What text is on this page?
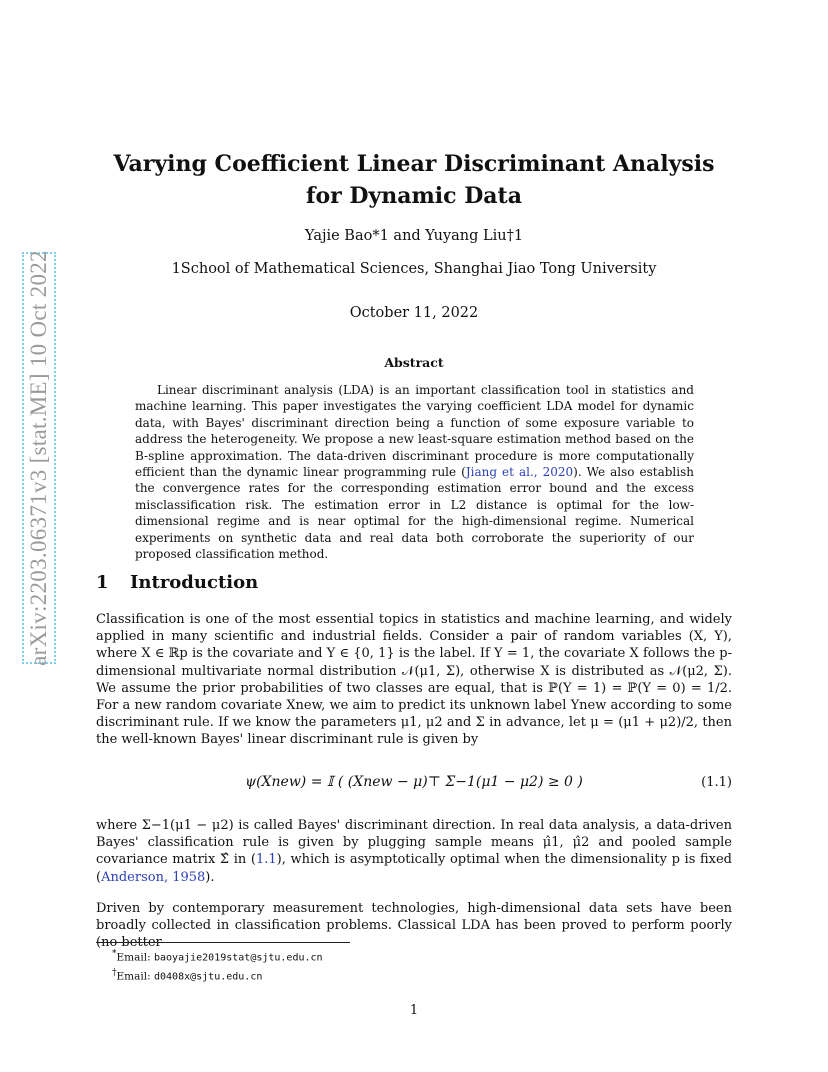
arXiv:2203.06371v3 [stat.ME] 10 Oct 2022
Varying Coefficient Linear Discriminant Analysis for Dynamic Data
Yajie Bao*1 and Yuyang Liu†1
1School of Mathematical Sciences, Shanghai Jiao Tong University
October 11, 2022
Abstract
Linear discriminant analysis (LDA) is an important classification tool in statistics and machine learning. This paper investigates the varying coefficient LDA model for dynamic data, with Bayes' discriminant direction being a function of some exposure variable to address the heterogeneity. We propose a new least-square estimation method based on the B-spline approximation. The data-driven discriminant procedure is more computationally efficient than the dynamic linear programming rule (Jiang et al., 2020). We also establish the convergence rates for the corresponding estimation error bound and the excess misclassification risk. The estimation error in L2 distance is optimal for the low-dimensional regime and is near optimal for the high-dimensional regime. Numerical experiments on synthetic data and real data both corroborate the superiority of our proposed classification method.
1 Introduction
Classification is one of the most essential topics in statistics and machine learning, and widely applied in many scientific and industrial fields. Consider a pair of random variables (X, Y), where X ∈ ℝp is the covariate and Y ∈ {0, 1} is the label. If Y = 1, the covariate X follows the p-dimensional multivariate normal distribution 𝒩(μ1, Σ), otherwise X is distributed as 𝒩(μ2, Σ). We assume the prior probabilities of two classes are equal, that is ℙ(Y = 1) = ℙ(Y = 0) = 1/2. For a new random covariate Xnew, we aim to predict its unknown label Ynew according to some discriminant rule. If we know the parameters μ1, μ2 and Σ in advance, let μ = (μ1 + μ2)/2, then the well-known Bayes' linear discriminant rule is given by
ψ(Xnew) = 𝕀 ( (Xnew − μ)⊤ Σ−1(μ1 − μ2) ≥ 0 )	(1.1)
where Σ−1(μ1 − μ2) is called Bayes' discriminant direction. In real data analysis, a data-driven Bayes' classification rule is given by plugging sample means μ̂1, μ̂2 and pooled sample covariance matrix Σ̂ in (1.1), which is asymptotically optimal when the dimensionality p is fixed (Anderson, 1958).
Driven by contemporary measurement technologies, high-dimensional data sets have been broadly collected in classification problems. Classical LDA has been proved to perform poorly (no better
*Email: baoyajie2019stat@sjtu.edu.cn
†Email: d0408x@sjtu.edu.cn
1
